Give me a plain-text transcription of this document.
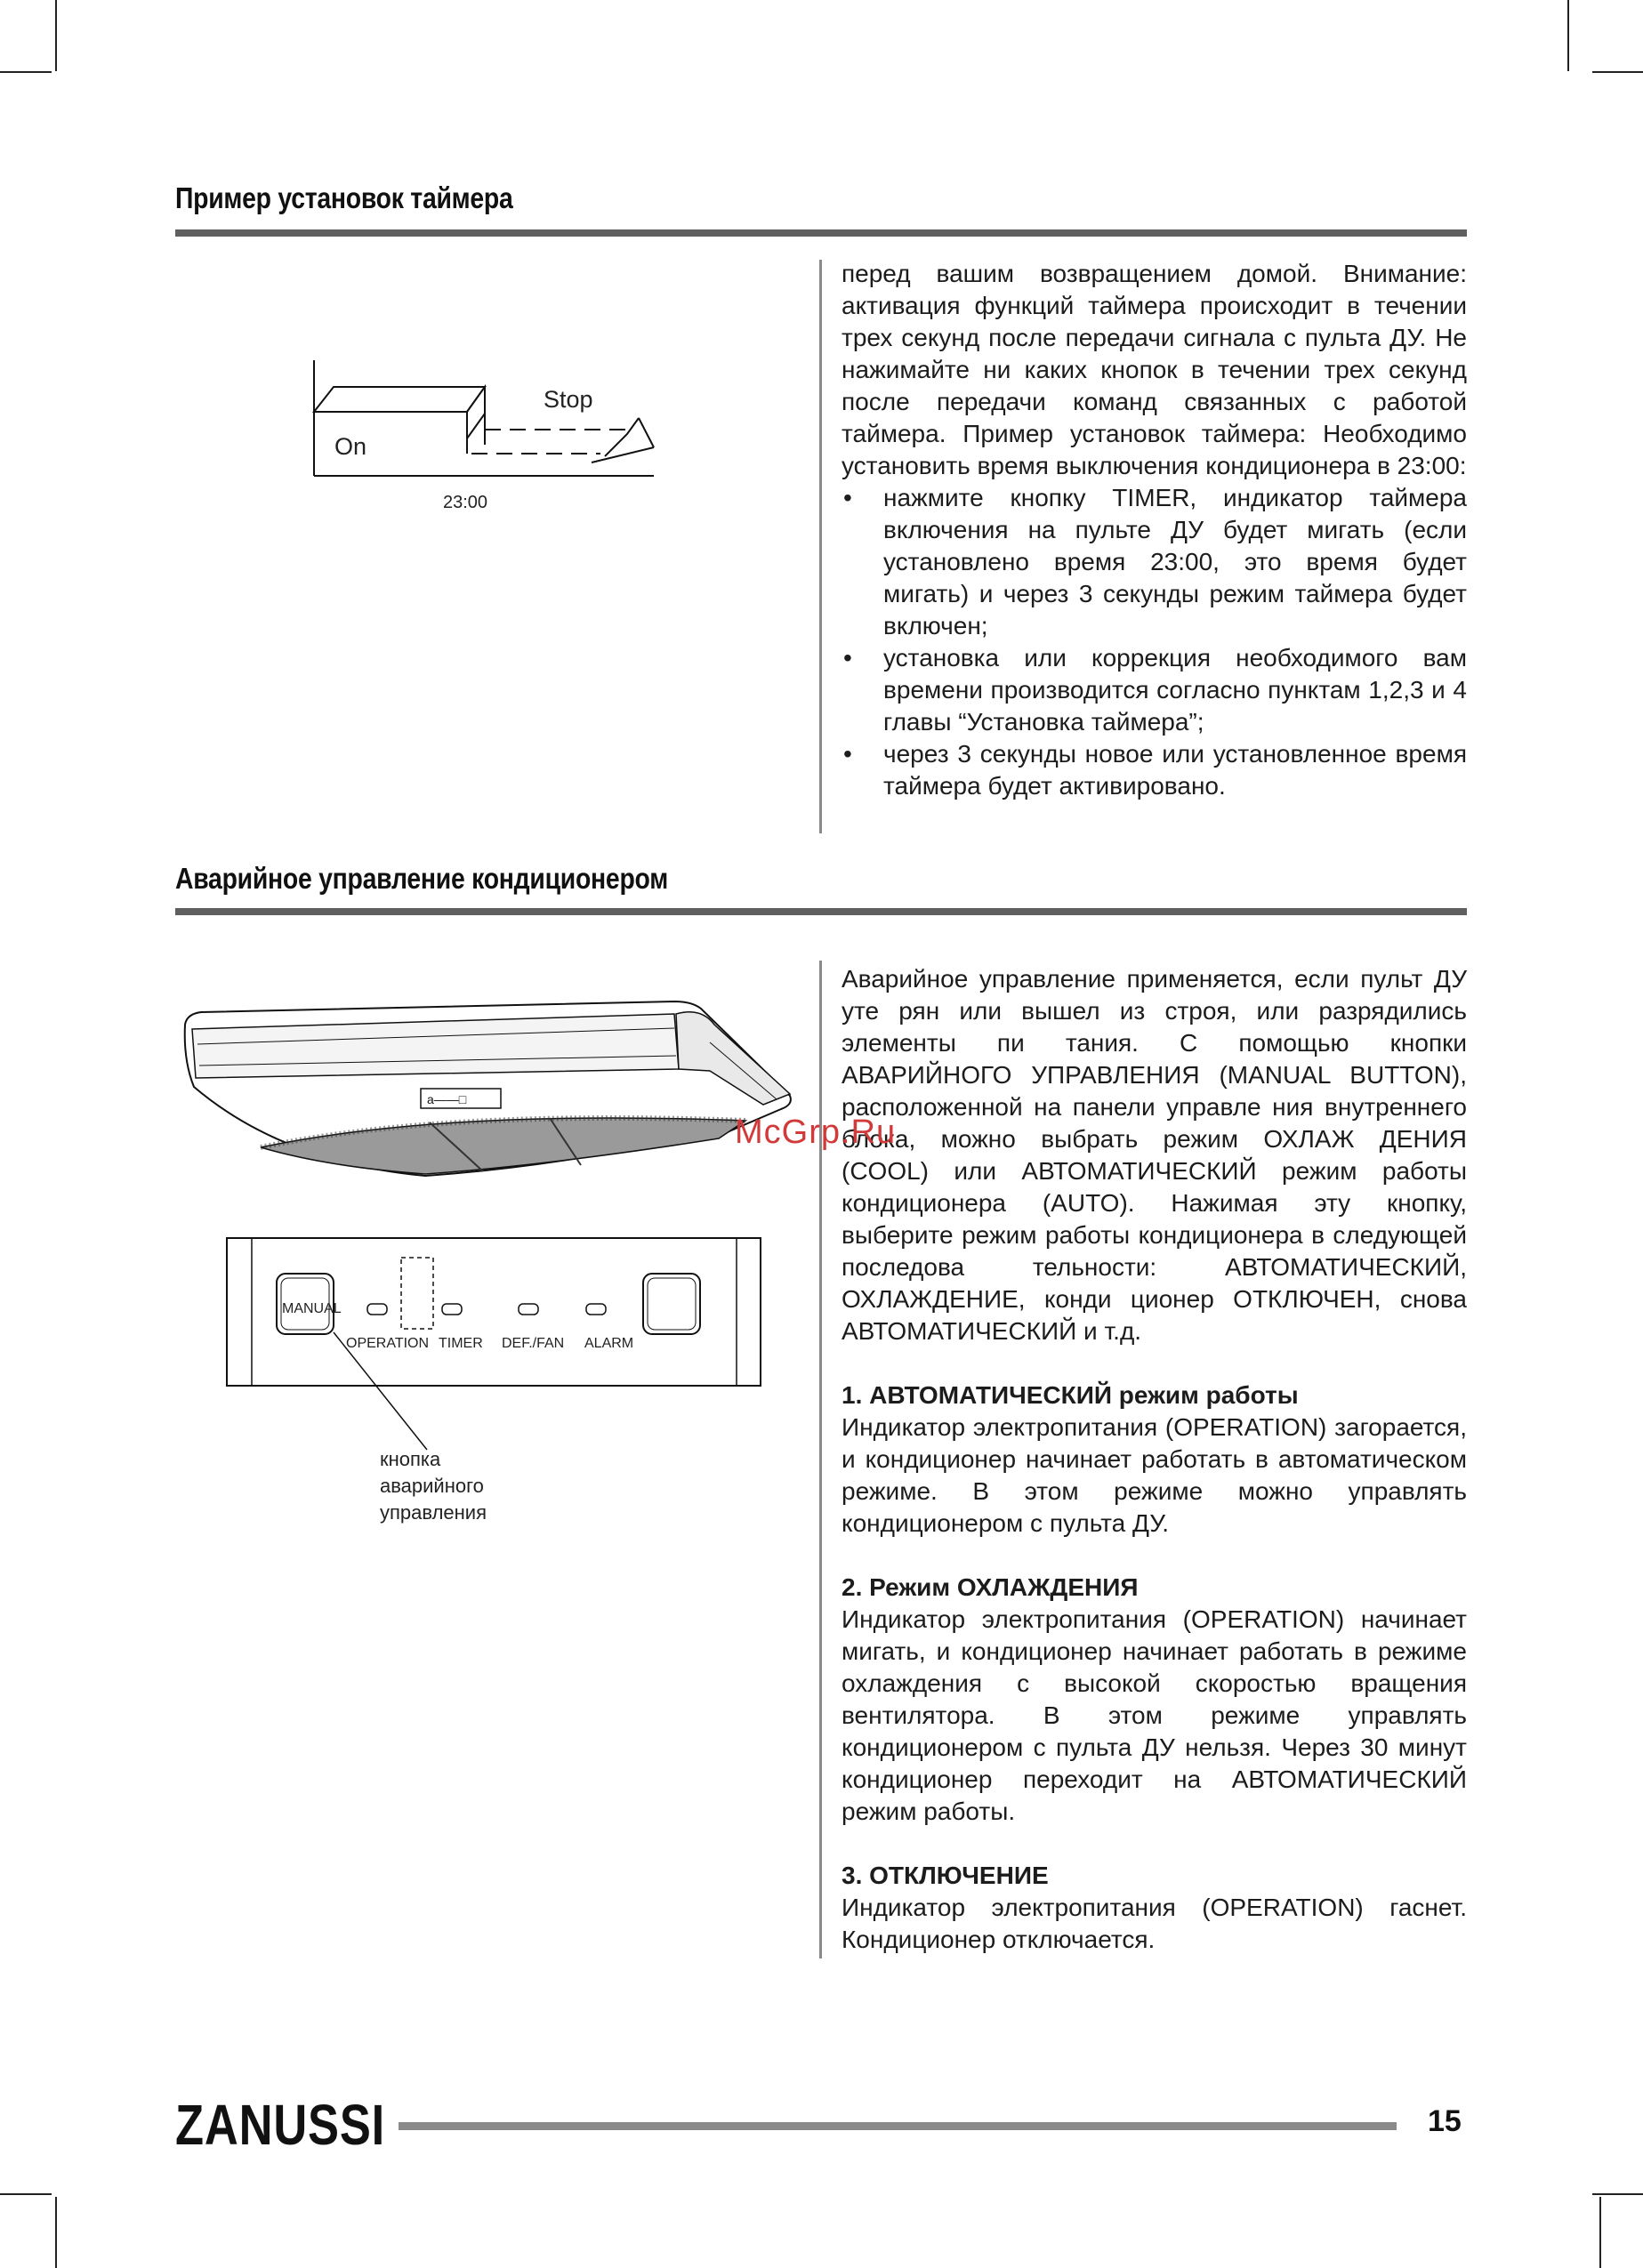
Пример установок таймера
Stop
On
23:00

перед вашим возвращением домой. Внимание: активация функций таймера происходит в течении трех секунд после передачи сигнала с пульта ДУ. Не нажимайте ни каких кнопок в течении трех секунд после передачи команд связанных с работой таймера. Пример установок таймера: Необходимо установить время выключения кондиционера в 23:00:

• нажмите кнопку TIMER, индикатор таймера включения на пульте ДУ будет мигать (если установлено время 23:00, это время будет мигать) и через 3 секунды режим таймера будет включен;
• установка или коррекция необходимого вам времени производится согласно пунктам 1,2,3 и 4 главы “Установка таймера”;
• через 3 секунды новое или установленное время таймера будет активировано.
Аварийное управление кондиционером
a——□
MANUAL
OPERATION TIMER DEF./FAN ALARM
кнопка
аварийного
управления

Аварийное управление применяется, если пульт ДУ уте рян или вышел из строя, или разрядились элементы пи тания. С помощью кнопки АВАРИЙНОГО УПРАВЛЕНИЯ (MANUAL BUTTON), расположенной на панели управле ния внутреннего блока, можно выбрать режим ОХЛАЖ ДЕНИЯ (COOL) или АВТОМАТИЧЕСКИЙ режим работы кондиционера (AUTO). Нажимая эту кнопку, выберите режим работы кондиционера в следующей последова тельности: АВТОМАТИЧЕСКИЙ, ОХЛАЖДЕНИЕ, конди ционер ОТКЛЮЧЕН, снова АВТОМАТИЧЕСКИЙ и т.д.

1. АВТОМАТИЧЕСКИЙ режим работы

Индикатор электропитания (OPERATION) загорается, и кондиционер начинает работать в автоматическом режиме. В этом режиме можно управлять кондиционером с пульта ДУ.

2. Режим ОХЛАЖДЕНИЯ

Индикатор электропитания (OPERATION) начинает мигать, и кондиционер начинает работать в режиме охлаждения с высокой скоростью вращения вентилятора. В этом режиме управлять кондиционером с пульта ДУ нельзя. Через 30 минут кондиционер переходит на АВТОМАТИЧЕСКИЙ режим работы.

3. ОТКЛЮЧЕНИЕ

Индикатор электропитания (OPERATION) гаснет. Кондиционер отключается.

McGrp.Ru
ZANUSSI	15
